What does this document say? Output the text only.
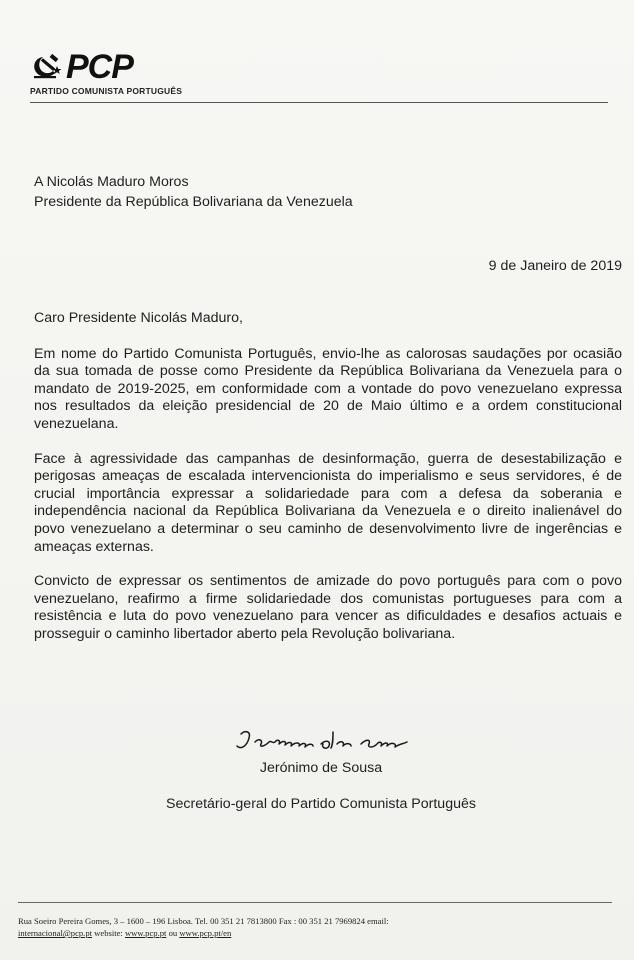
PCP
PARTIDO COMUNISTA PORTUGUÊS
A Nicolás Maduro Moros
Presidente da República Bolivariana da Venezuela
9 de Janeiro de 2019

Caro Presidente Nicolás Maduro,

Em nome do Partido Comunista Português, envio-lhe as calorosas saudações por ocasião da sua tomada de posse como Presidente da República Bolivariana da Venezuela para o mandato de 2019-2025, em conformidade com a vontade do povo venezuelano expressa nos resultados da eleição presidencial de 20 de Maio último e a ordem constitucional venezuelana.

Face à agressividade das campanhas de desinformação, guerra de desestabilização e perigosas ameaças de escalada intervencionista do imperialismo e seus servidores, é de crucial importância expressar a solidariedade para com a defesa da soberania e independência nacional da República Bolivariana da Venezuela e o direito inalienável do povo venezuelano a determinar o seu caminho de desenvolvimento livre de ingerências e ameaças externas.

Convicto de expressar os sentimentos de amizade do povo português para com o povo venezuelano, reafirmo a firme solidariedade dos comunistas portugueses para com a resistência e luta do povo venezuelano para vencer as dificuldades e desafios actuais e prosseguir o caminho libertador aberto pela Revolução bolivariana.

Jerónimo de Sousa
Secretário-geral do Partido Comunista Português
Rua Soeiro Pereira Gomes, 3 – 1600 – 196 Lisboa. Tel. 00 351 21 7813800 Fax : 00 351 21 7969824 email:
internacional@pcp.pt website: www.pcp.pt ou www.pcp.pt/en
